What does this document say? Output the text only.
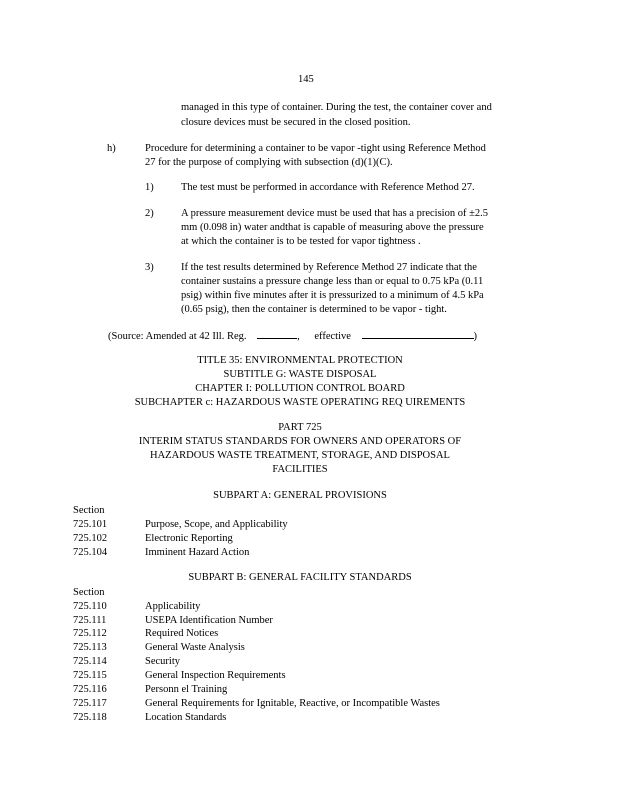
145
managed in this type of container. During the test, the container cover and
closure devices must be secured in the closed position.
h)	Procedure for determining a container to be vapor -tight using Reference Method
27 for the purpose of complying with subsection (d)(1)(C).
1)	The test must be performed in accordance with Reference Method 27.
2)	A pressure measurement device must be used that has a precision of ±2.5
mm (0.098 in) water andthat is capable of measuring above the pressure
at which the container is to be tested for vapor tightness .
3)	If the test results determined by Reference Method 27 indicate that the
container sustains a pressure change less than or equal to 0.75 kPa (0.11
psig) within five minutes after it is pressurized to a minimum of 4.5 kPa
(0.65 psig), then the container is determined to be vapor - tight.
(Source: Amended at 42 Ill. Reg.	, effective	)
TITLE 35: ENVIRONMENTAL PROTECTION
SUBTITLE G: WASTE DISPOSAL
CHAPTER I: POLLUTION CONTROL BOARD
SUBCHAPTER c: HAZARDOUS WASTE OPERATING REQ UIREMENTS
PART 725
INTERIM STATUS STANDARDS FOR OWNERS AND OPERATORS OF
HAZARDOUS WASTE TREATMENT, STORAGE, AND DISPOSAL
FACILITIES
SUBPART A: GENERAL PROVISIONS
Section
725.101	Purpose, Scope, and Applicability
725.102	Electronic Reporting
725.104	Imminent Hazard Action
SUBPART B: GENERAL FACILITY STANDARDS
Section
725.110	Applicability
725.111	USEPA Identification Number
725.112	Required Notices
725.113	General Waste Analysis
725.114	Security
725.115	General Inspection Requirements
725.116	Personn el Training
725.117	General Requirements for Ignitable, Reactive, or Incompatible Wastes
725.118	Location Standards
